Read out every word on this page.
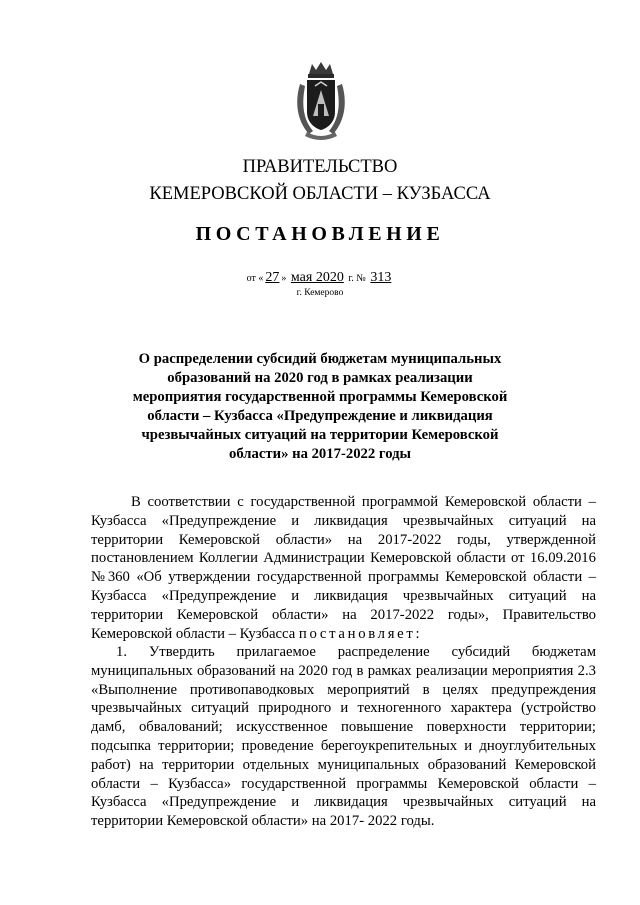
ПРАВИТЕЛЬСТВО
КЕМЕРОВСКОЙ ОБЛАСТИ – КУЗБАССА
ПОСТАНОВЛЕНИЕ
от « 27 » мая 2020 г. № 313
г. Кемерово
О распределении субсидий бюджетам муниципальных образований на 2020 год в рамках реализации мероприятия государственной программы Кемеровской области – Кузбасса «Предупреждение и ликвидация чрезвычайных ситуаций на территории Кемеровской области» на 2017-2022 годы
В соответствии с государственной программой Кемеровской области – Кузбасса «Предупреждение и ликвидация чрезвычайных ситуаций на территории Кемеровской области» на 2017-2022 годы, утвержденной постановлением Коллегии Администрации Кемеровской области от 16.09.2016 №360 «Об утверждении государственной программы Кемеровской области – Кузбасса «Предупреждение и ликвидация чрезвычайных ситуаций на территории Кемеровской области» на 2017-2022 годы», Правительство Кемеровской области – Кузбасса постановляет:
1. Утвердить прилагаемое распределение субсидий бюджетам муниципальных образований на 2020 год в рамках реализации мероприятия 2.3 «Выполнение противопаводковых мероприятий в целях предупреждения чрезвычайных ситуаций природного и техногенного характера (устройство дамб, обвалований; искусственное повышение поверхности территории; подсыпка территории; проведение берегоукрепительных и дноуглубительных работ) на территории отдельных муниципальных образований Кемеровской области – Кузбасса» государственной программы Кемеровской области – Кузбасса «Предупреждение и ликвидация чрезвычайных ситуаций на территории Кемеровской области» на 2017- 2022 годы.
